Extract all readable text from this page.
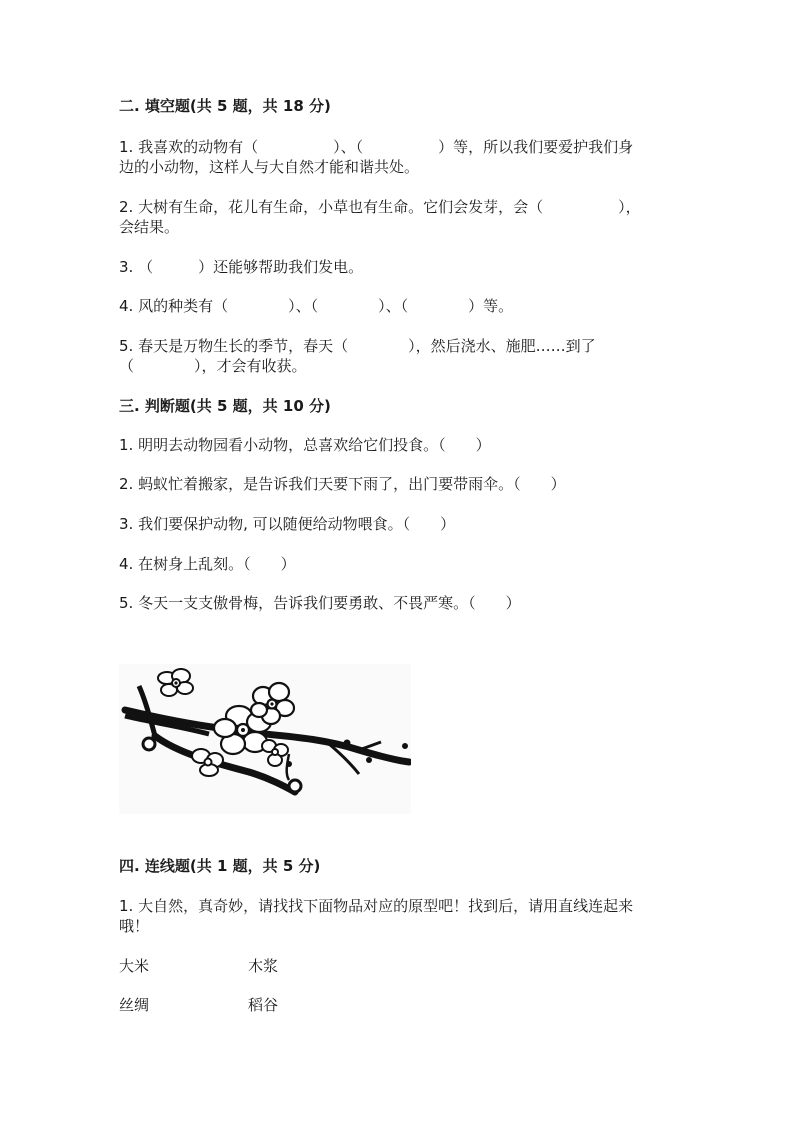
二. 填空题(共 5 题，共 18 分)
1. 我喜欢的动物有（　　　　　）、（　　　　　）等，所以我们要爱护我们身
边的小动物，这样人与大自然才能和谐共处。
2. 大树有生命，花儿有生命，小草也有生命。它们会发芽，会（　　　　　），
会结果。
3. （　　　）还能够帮助我们发电。
4. 风的种类有（　　　　）、（　　　　）、（　　　　）等。
5. 春天是万物生长的季节，春天（　　　　），然后浇水、施肥……到了
（　　　　），才会有收获。
三. 判断题(共 5 题，共 10 分)
1. 明明去动物园看小动物，总喜欢给它们投食。（　　）
2. 蚂蚁忙着搬家，是告诉我们天要下雨了，出门要带雨伞。（　　）
3. 我们要保护动物, 可以随便给动物喂食。（　　）
4. 在树身上乱刻。（　　）
5. 冬天一支支傲骨梅，告诉我们要勇敢、不畏严寒。（　　）
四. 连线题(共 1 题，共 5 分)
1. 大自然，真奇妙，请找找下面物品对应的原型吧！找到后，请用直线连起来
哦！
大米	木浆
丝绸	稻谷
